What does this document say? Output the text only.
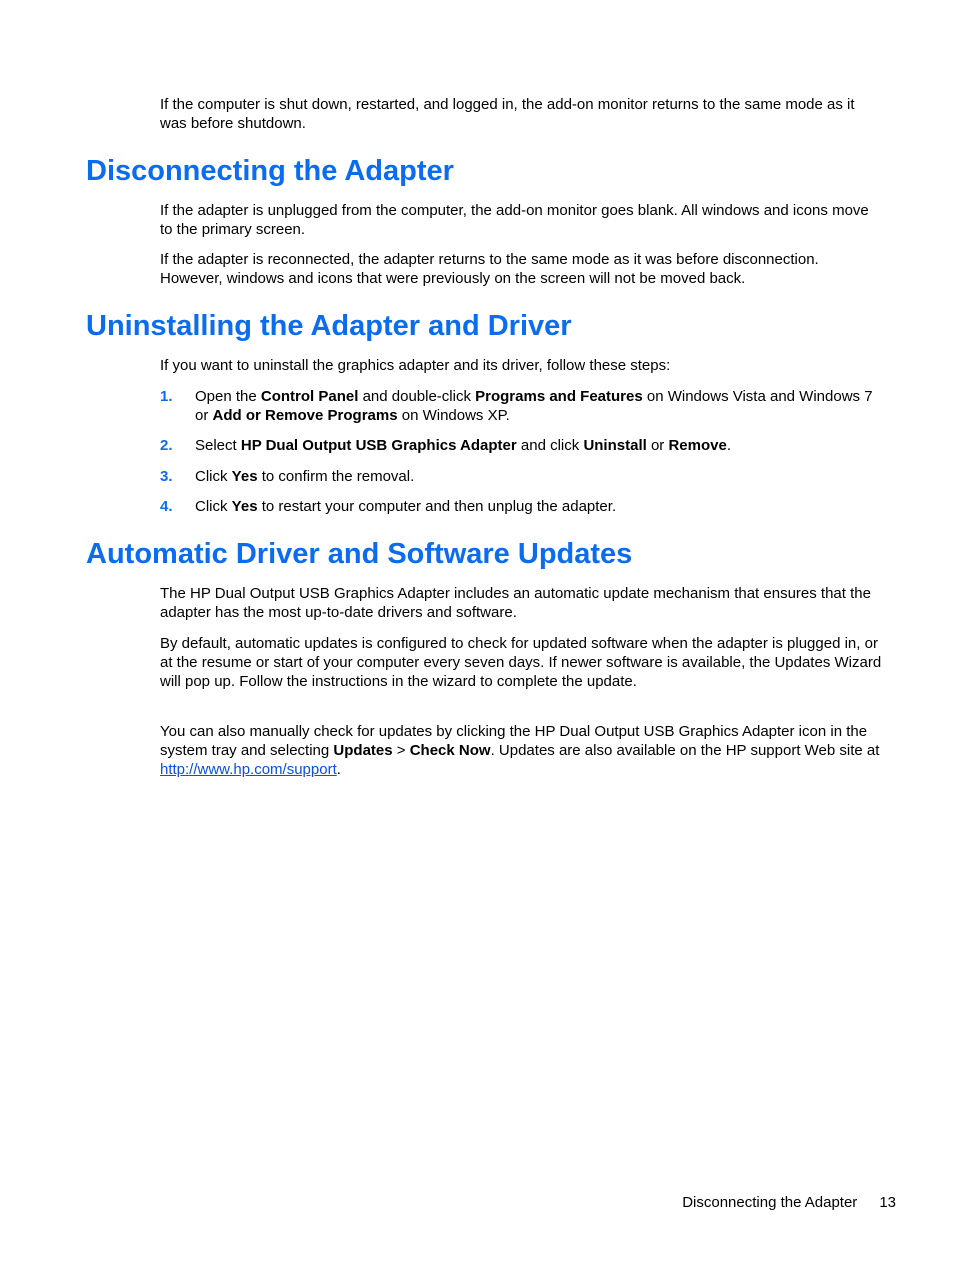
If the computer is shut down, restarted, and logged in, the add-on monitor returns to the same mode as it was before shutdown.

Disconnecting the Adapter

If the adapter is unplugged from the computer, the add-on monitor goes blank. All windows and icons move to the primary screen.

If the adapter is reconnected, the adapter returns to the same mode as it was before disconnection. However, windows and icons that were previously on the screen will not be moved back.

Uninstalling the Adapter and Driver

If you want to uninstall the graphics adapter and its driver, follow these steps:

1. Open the Control Panel and double-click Programs and Features on Windows Vista and Windows 7 or Add or Remove Programs on Windows XP.
2. Select HP Dual Output USB Graphics Adapter and click Uninstall or Remove.
3. Click Yes to confirm the removal.
4. Click Yes to restart your computer and then unplug the adapter.
Automatic Driver and Software Updates

The HP Dual Output USB Graphics Adapter includes an automatic update mechanism that ensures that the adapter has the most up-to-date drivers and software.

By default, automatic updates is configured to check for updated software when the adapter is plugged in, or at the resume or start of your computer every seven days. If newer software is available, the Updates Wizard will pop up. Follow the instructions in the wizard to complete the update.

You can also manually check for updates by clicking the HP Dual Output USB Graphics Adapter icon in the system tray and selecting Updates > Check Now. Updates are also available on the HP support Web site at http://www.hp.com/support.

Disconnecting the Adapter 13
